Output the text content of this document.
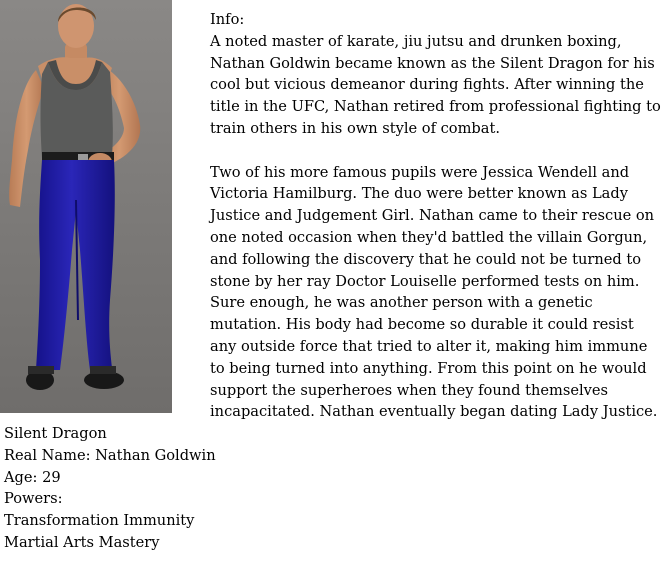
Info:

A noted master of karate, jiu jutsu and drunken boxing, Nathan Goldwin became known as the Silent Dragon for his cool but vicious demeanor during fights. After winning the title in the UFC, Nathan retired from professional fighting to train others in his own style of combat.

Two of his more famous pupils were Jessica Wendell and Victoria Hamilburg. The duo were better known as Lady Justice and Judgement Girl. Nathan came to their rescue on one noted occasion when they'd battled the villain Gorgun, and following the discovery that he could not be turned to stone by her ray Doctor Louiselle performed tests on him. Sure enough, he was another person with a genetic mutation. His body had become so durable it could resist any outside force that tried to alter it, making him immune to being turned into anything. From this point on he would support the superheroes when they found themselves incapacitated. Nathan eventually began dating Lady Justice.

Silent Dragon
Real Name: Nathan Goldwin
Age: 29
Powers:
Transformation Immunity
Martial Arts Mastery
